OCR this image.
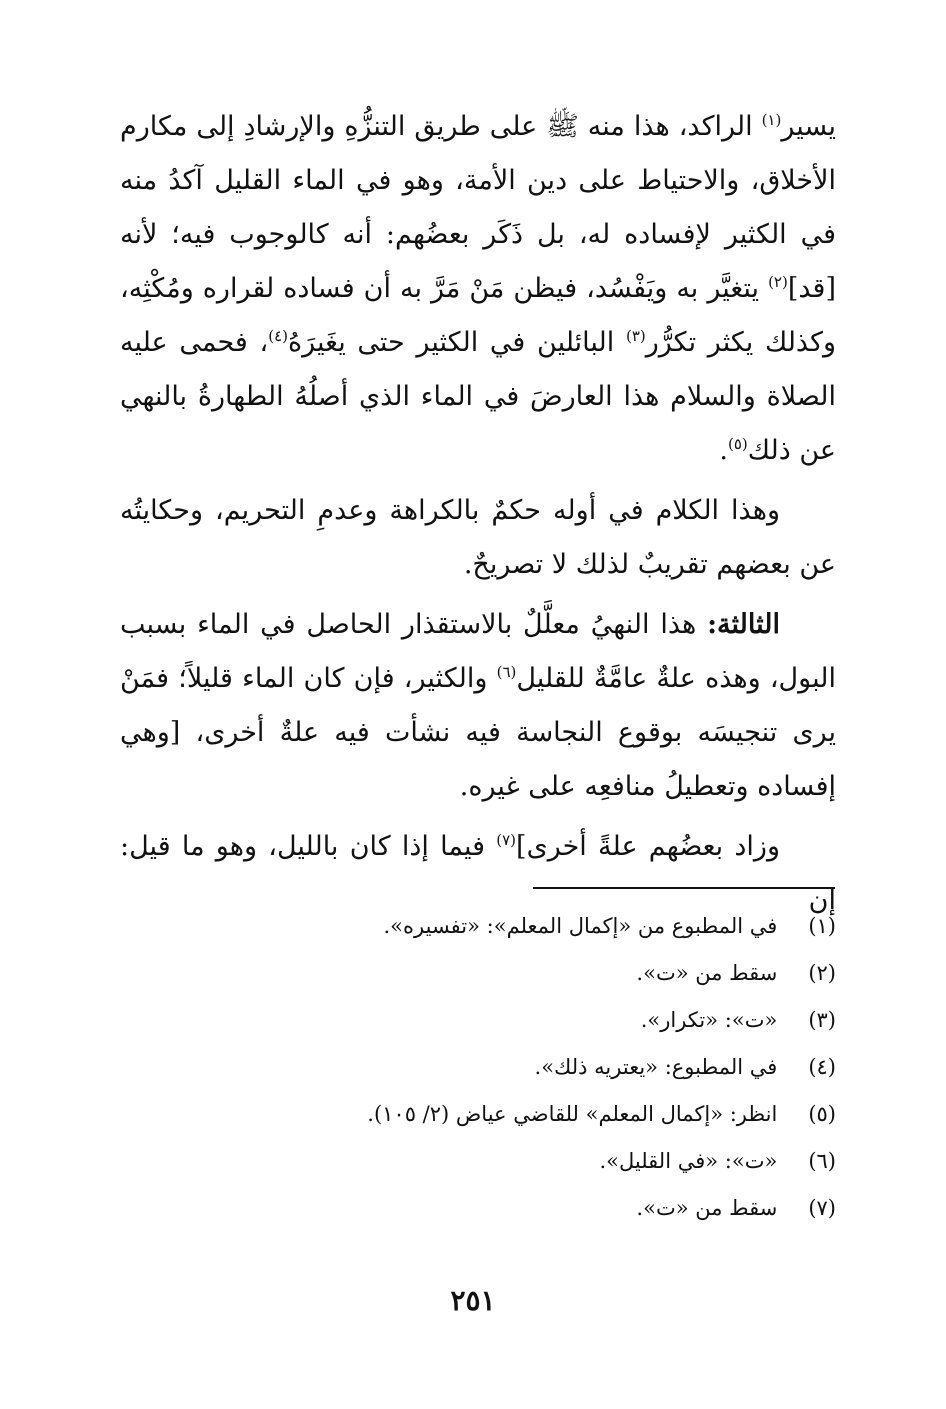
يسير$^{(١)}$ الراكد، هذا منه ﷺ على طريق التنزُّهِ والإرشادِ إلى مكارم الأخلاق، والاحتياط على دين الأمة، وهو في الماء القليل آكدُ منه في الكثير لإفساده له، بل ذَكَر بعضُهم: أنه كالوجوب فيه؛ لأنه [قد]$^{(٢)}$ يتغيَّر به ويَفْسُد، فيظن مَنْ مَرَّ به أن فساده لقراره ومُكْثِه، وكذلك يكثر تكرُّر$^{(٣)}$ البائلين في الكثير حتى يغَيرَهُ$^{(٤)}$، فحمى عليه الصلاة والسلام هذا العارضَ في الماء الذي أصلُهُ الطهارةُ بالنهي عن ذلك$^{(٥)}$.

وهذا الكلام في أوله حكمٌ بالكراهة وعدمِ التحريم، وحكايتُه عن بعضهم تقريبٌ لذلك لا تصريحٌ.

الثالثة: هذا النهيُ معلَّلٌ بالاستقذار الحاصل في الماء بسبب البول، وهذه علةٌ عامَّةٌ للقليل$^{(٦)}$ والكثير، فإن كان الماء قليلاً؛ فمَنْ يرى تنجيسَه بوقوع النجاسة فيه نشأت فيه علةٌ أخرى، [وهي إفساده وتعطيلُ منافعِه على غيره.

وزاد بعضُهم علةً أخرى]$^{(٧)}$ فيما إذا كان بالليل، وهو ما قيل: إن

(١) في المطبوع من «إكمال المعلم»: «تفسيره».
(٢) سقط من «ت».
(٣) «ت»: «تكرار».
(٤) في المطبوع: «يعتريه ذلك».
(٥) انظر: «إكمال المعلم» للقاضي عياض (٢/ ١٠٥).
(٦) «ت»: «في القليل».
(٧) سقط من «ت».
٢٥١
